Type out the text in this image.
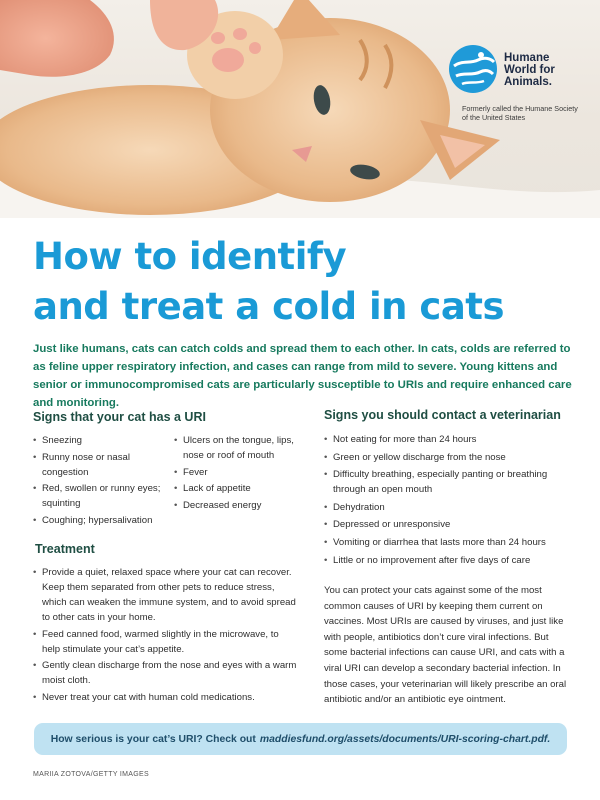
Humane
World for
Animals.
Formerly called the Humane Society of the United States
How to identify
and treat a cold in cats

Just like humans, cats can catch colds and spread them to each other. In cats, colds are referred to as feline upper respiratory infection, and cases can range from mild to severe. Young kittens and senior or immunocompromised cats are particularly susceptible to URIs and require enhanced care and monitoring.

Signs that your cat has a URI
• Sneezing
• Runny nose or nasal congestion
• Red, swollen or runny eyes; squinting
• Coughing; hypersalivation
• Ulcers on the tongue, lips, nose or roof of mouth
• Fever
• Lack of appetite
• Decreased energy
Signs you should contact a veterinarian
• Not eating for more than 24 hours
• Green or yellow discharge from the nose
• Difficulty breathing, especially panting or breathing through an open mouth
• Dehydration
• Depressed or unresponsive
• Vomiting or diarrhea that lasts more than 24 hours
• Little or no improvement after five days of care
Treatment
• Provide a quiet, relaxed space where your cat can recover. Keep them separated from other pets to reduce stress, which can weaken the immune system, and to avoid spread to other cats in your home.
• Feed canned food, warmed slightly in the microwave, to help stimulate your cat’s appetite.
• Gently clean discharge from the nose and eyes with a warm moist cloth.
• Never treat your cat with human cold medications.

You can protect your cats against some of the most common causes of URI by keeping them current on vaccines. Most URIs are caused by viruses, and just like with people, antibiotics don’t cure viral infections. But some bacterial infections can cause URI, and cats with a viral URI can develop a secondary bacterial infection. In those cases, your veterinarian will likely prescribe an oral antibiotic and/or an antibiotic eye ointment.

How serious is your cat’s URI? Check out maddiesfund.org/assets/documents/URI-scoring-chart.pdf.
MARIIA ZOTOVA/GETTY IMAGES
